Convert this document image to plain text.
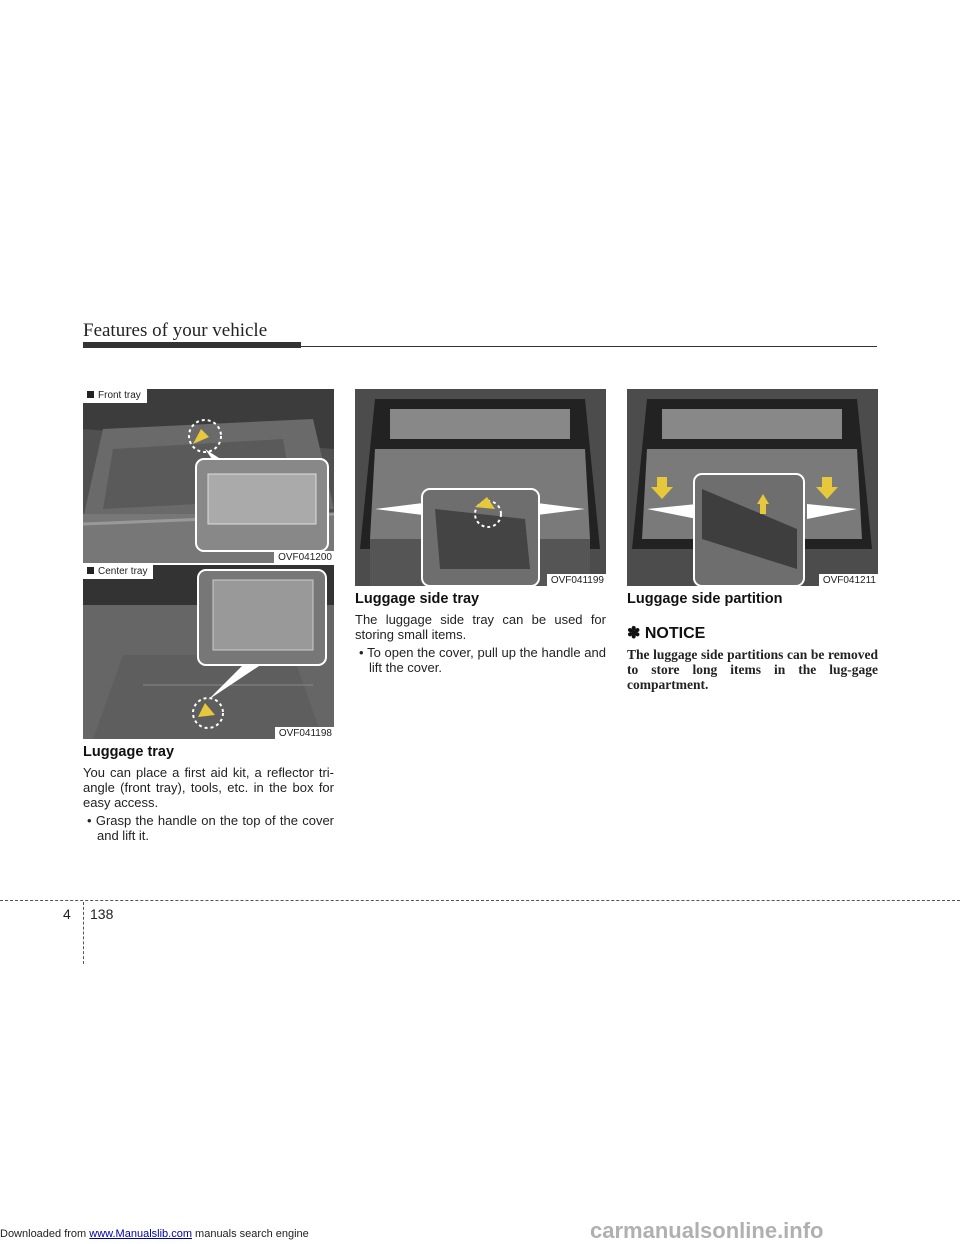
Features of your vehicle
Front tray
OVF041200
Center tray
OVF041198
OVF041199	OVF041211
Luggage tray

You can place a first aid kit, a reflector tri-angle (front tray), tools, etc. in the box for easy access.

• Grasp the handle on the top of the cover and lift it.

Luggage side tray

The luggage side tray can be used for storing small items.

• To open the cover, pull up the handle and lift the cover.

Luggage side partition
✽ NOTICE

The luggage side partitions can be removed to store long items in the lug-gage compartment.

4 138
Downloaded from www.Manualslib.com manuals search engine	carmanualsonline.info
